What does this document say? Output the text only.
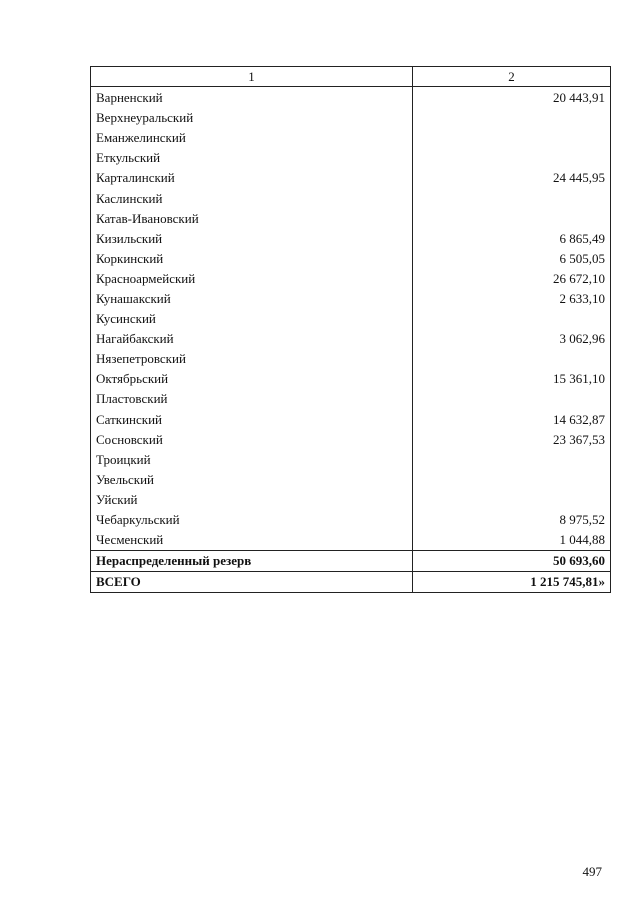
1	2
Варненский	20 443,91
Верхнеуральский	
Еманжелинский	
Еткульский	
Карталинский	24 445,95
Каслинский	
Катав-Ивановский	
Кизильский	6 865,49
Коркинский	6 505,05
Красноармейский	26 672,10
Кунашакский	2 633,10
Кусинский	
Нагайбакский	3 062,96
Нязепетровский	
Октябрьский	15 361,10
Пластовский	
Саткинский	14 632,87
Сосновский	23 367,53
Троицкий	
Увельский	
Уйский	
Чебаркульский	8 975,52
Чесменский	1 044,88
Нераспределенный резерв	50 693,60
ВСЕГО	1 215 745,81»
497
